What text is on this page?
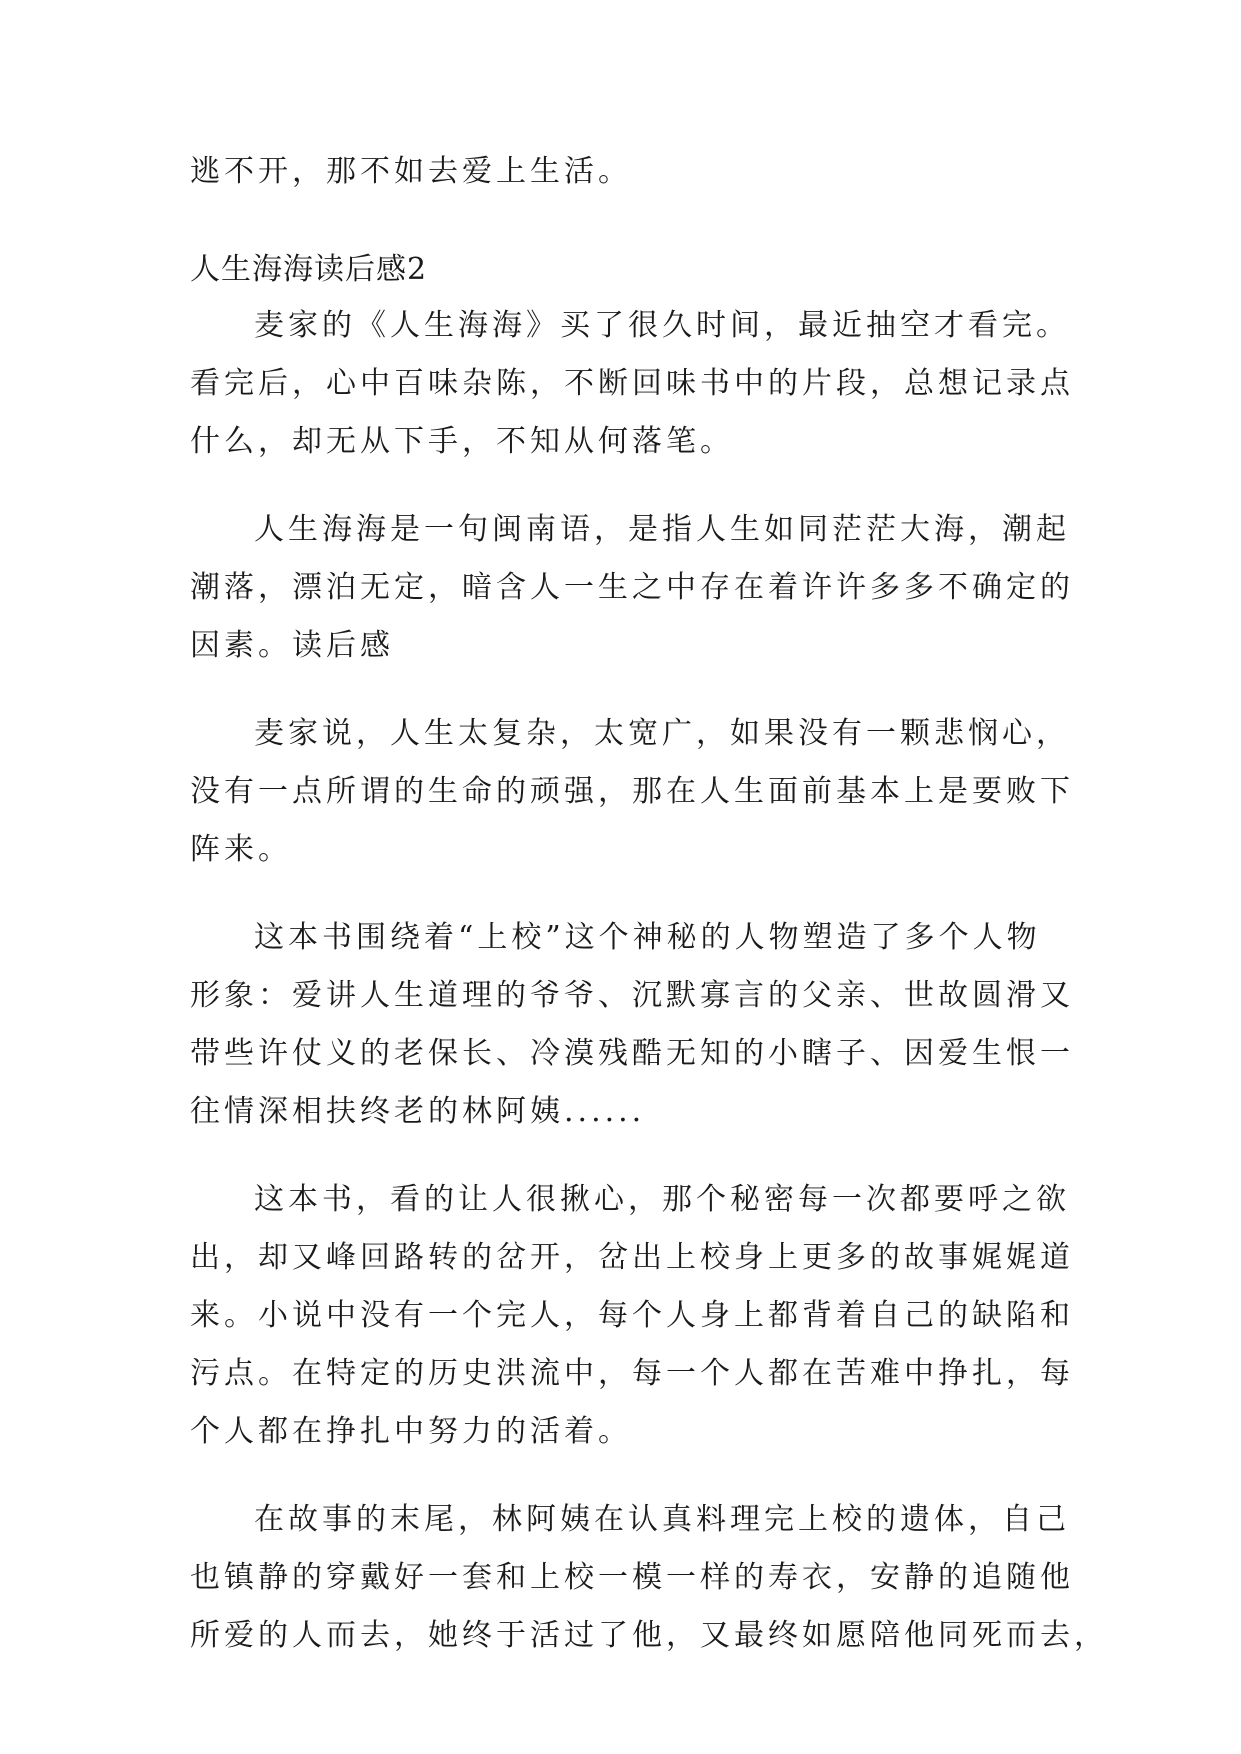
逃不开，那不如去爱上生活。
人生海海读后感2
麦家的《人生海海》买了很久时间，最近抽空才看完。
看完后，心中百味杂陈，不断回味书中的片段，总想记录点
什么，却无从下手，不知从何落笔。
人生海海是一句闽南语，是指人生如同茫茫大海，潮起
潮落，漂泊无定，暗含人一生之中存在着许许多多不确定的
因素。读后感
麦家说，人生太复杂，太宽广，如果没有一颗悲悯心，
没有一点所谓的生命的顽强，那在人生面前基本上是要败下
阵来。
这本书围绕着“上校”这个神秘的人物塑造了多个人物
形象：爱讲人生道理的爷爷、沉默寡言的父亲、世故圆滑又
带些许仗义的老保长、冷漠残酷无知的小瞎子、因爱生恨一
往情深相扶终老的林阿姨......
这本书，看的让人很揪心，那个秘密每一次都要呼之欲
出，却又峰回路转的岔开，岔出上校身上更多的故事娓娓道
来。小说中没有一个完人，每个人身上都背着自己的缺陷和
污点。在特定的历史洪流中，每一个人都在苦难中挣扎，每
个人都在挣扎中努力的活着。
在故事的末尾，林阿姨在认真料理完上校的遗体，自己
也镇静的穿戴好一套和上校一模一样的寿衣，安静的追随他
所爱的人而去，她终于活过了他，又最终如愿陪他同死而去，
